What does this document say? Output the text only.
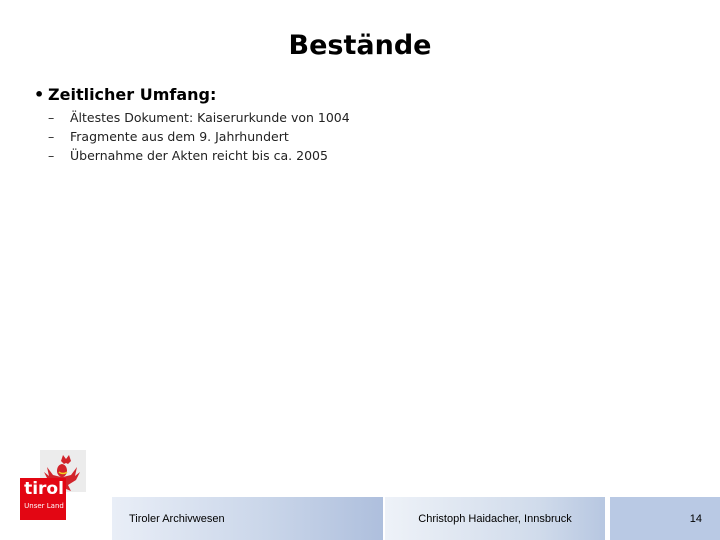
Bestände
• Zeitlicher Umfang:
–	Ältestes Dokument: Kaiserurkunde von 1004
–	Fragmente aus dem 9. Jahrhundert
–	Übernahme der Akten reicht bis ca. 2005
tirol
Unser Land
Tiroler Archivwesen	Christoph Haidacher, Innsbruck	14
